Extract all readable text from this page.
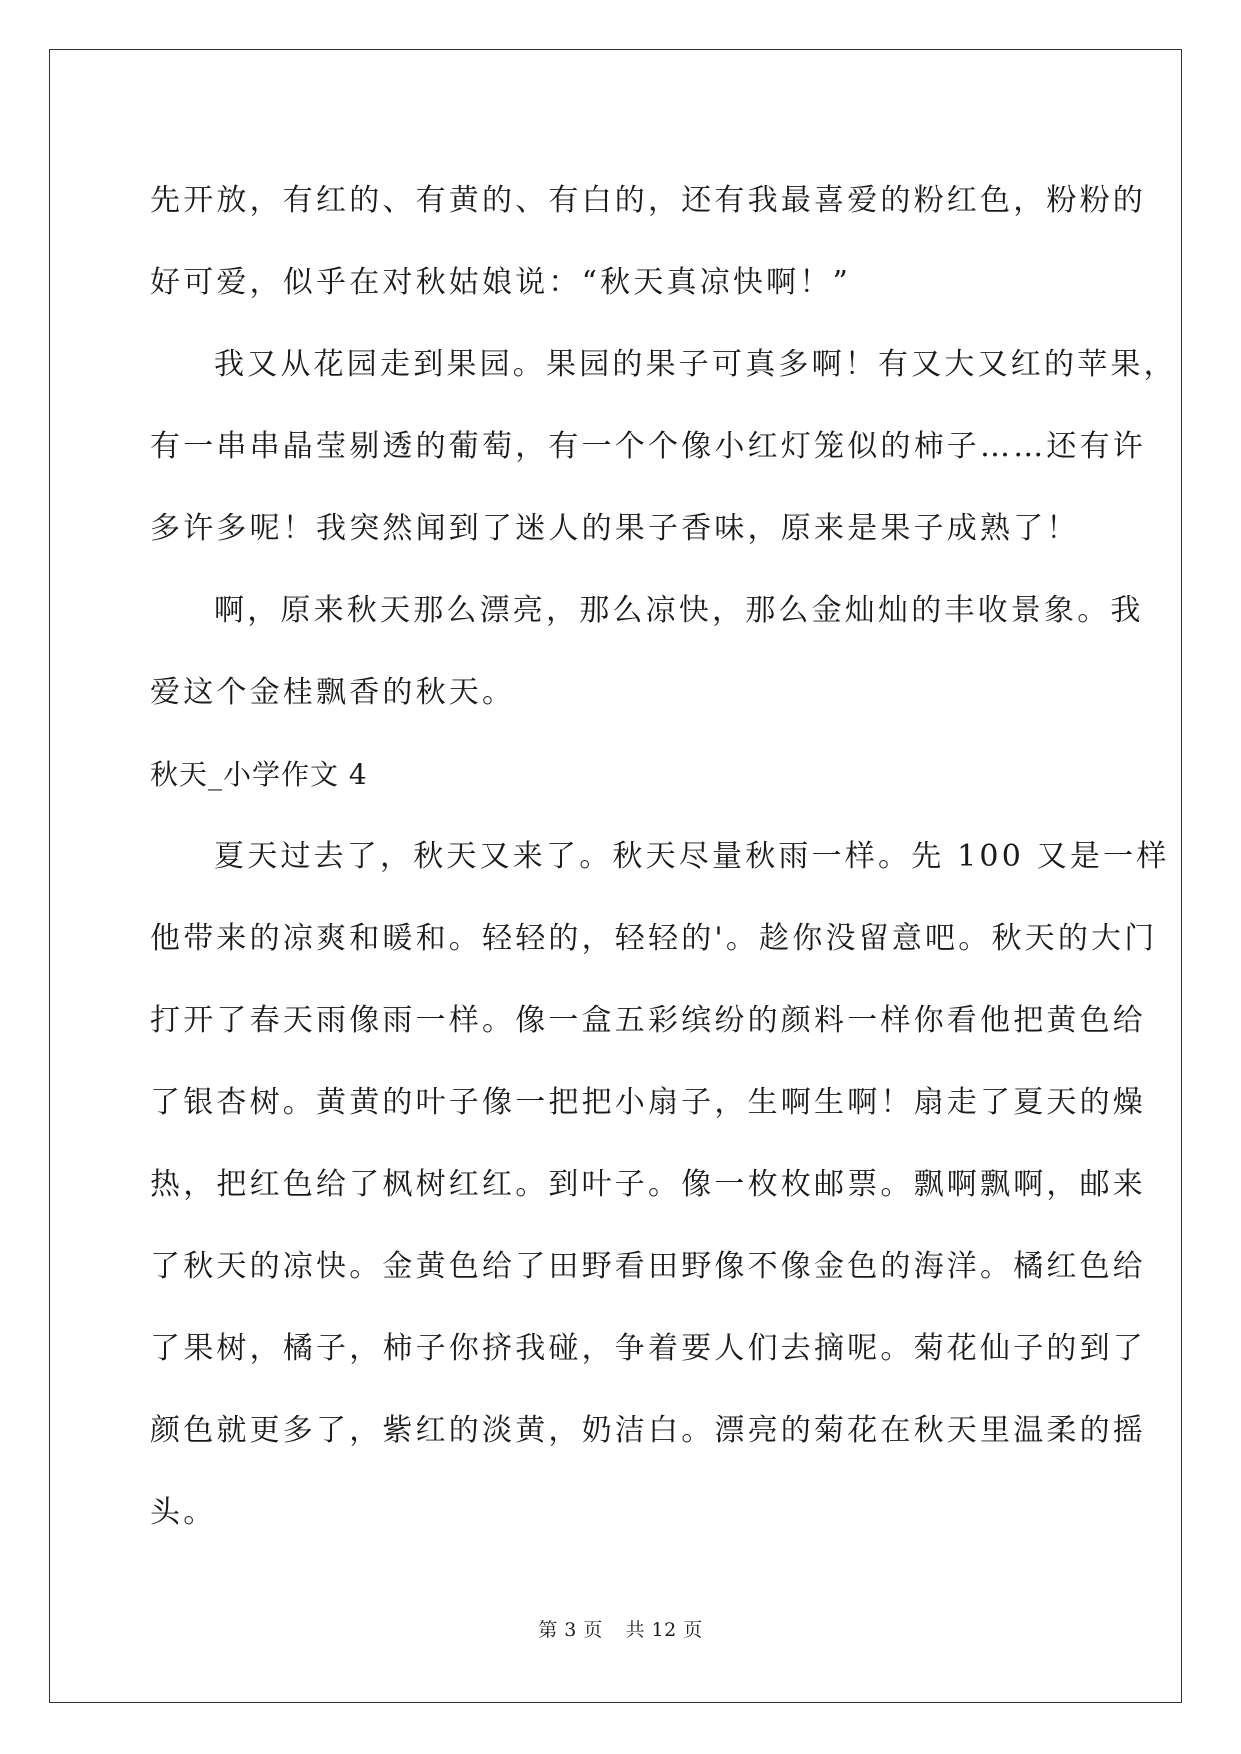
先开放，有红的、有黄的、有白的，还有我最喜爱的粉红色，粉粉的
好可爱，似乎在对秋姑娘说：“秋天真凉快啊！”
我又从花园走到果园。果园的果子可真多啊！有又大又红的苹果，
有一串串晶莹剔透的葡萄，有一个个像小红灯笼似的柿子……还有许
多许多呢！我突然闻到了迷人的果子香味，原来是果子成熟了！
啊，原来秋天那么漂亮，那么凉快，那么金灿灿的丰收景象。我
爱这个金桂飘香的秋天。
秋天_小学作文 4
夏天过去了，秋天又来了。秋天尽量秋雨一样。先 100 又是一样
他带来的凉爽和暖和。轻轻的，轻轻的'。趁你没留意吧。秋天的大门
打开了春天雨像雨一样。像一盒五彩缤纷的颜料一样你看他把黄色给
了银杏树。黄黄的叶子像一把把小扇子，生啊生啊！扇走了夏天的燥
热，把红色给了枫树红红。到叶子。像一枚枚邮票。飘啊飘啊，邮来
了秋天的凉快。金黄色给了田野看田野像不像金色的海洋。橘红色给
了果树，橘子，柿子你挤我碰，争着要人们去摘呢。菊花仙子的到了
颜色就更多了，紫红的淡黄，奶洁白。漂亮的菊花在秋天里温柔的摇
头。
第 3 页 共 12 页
